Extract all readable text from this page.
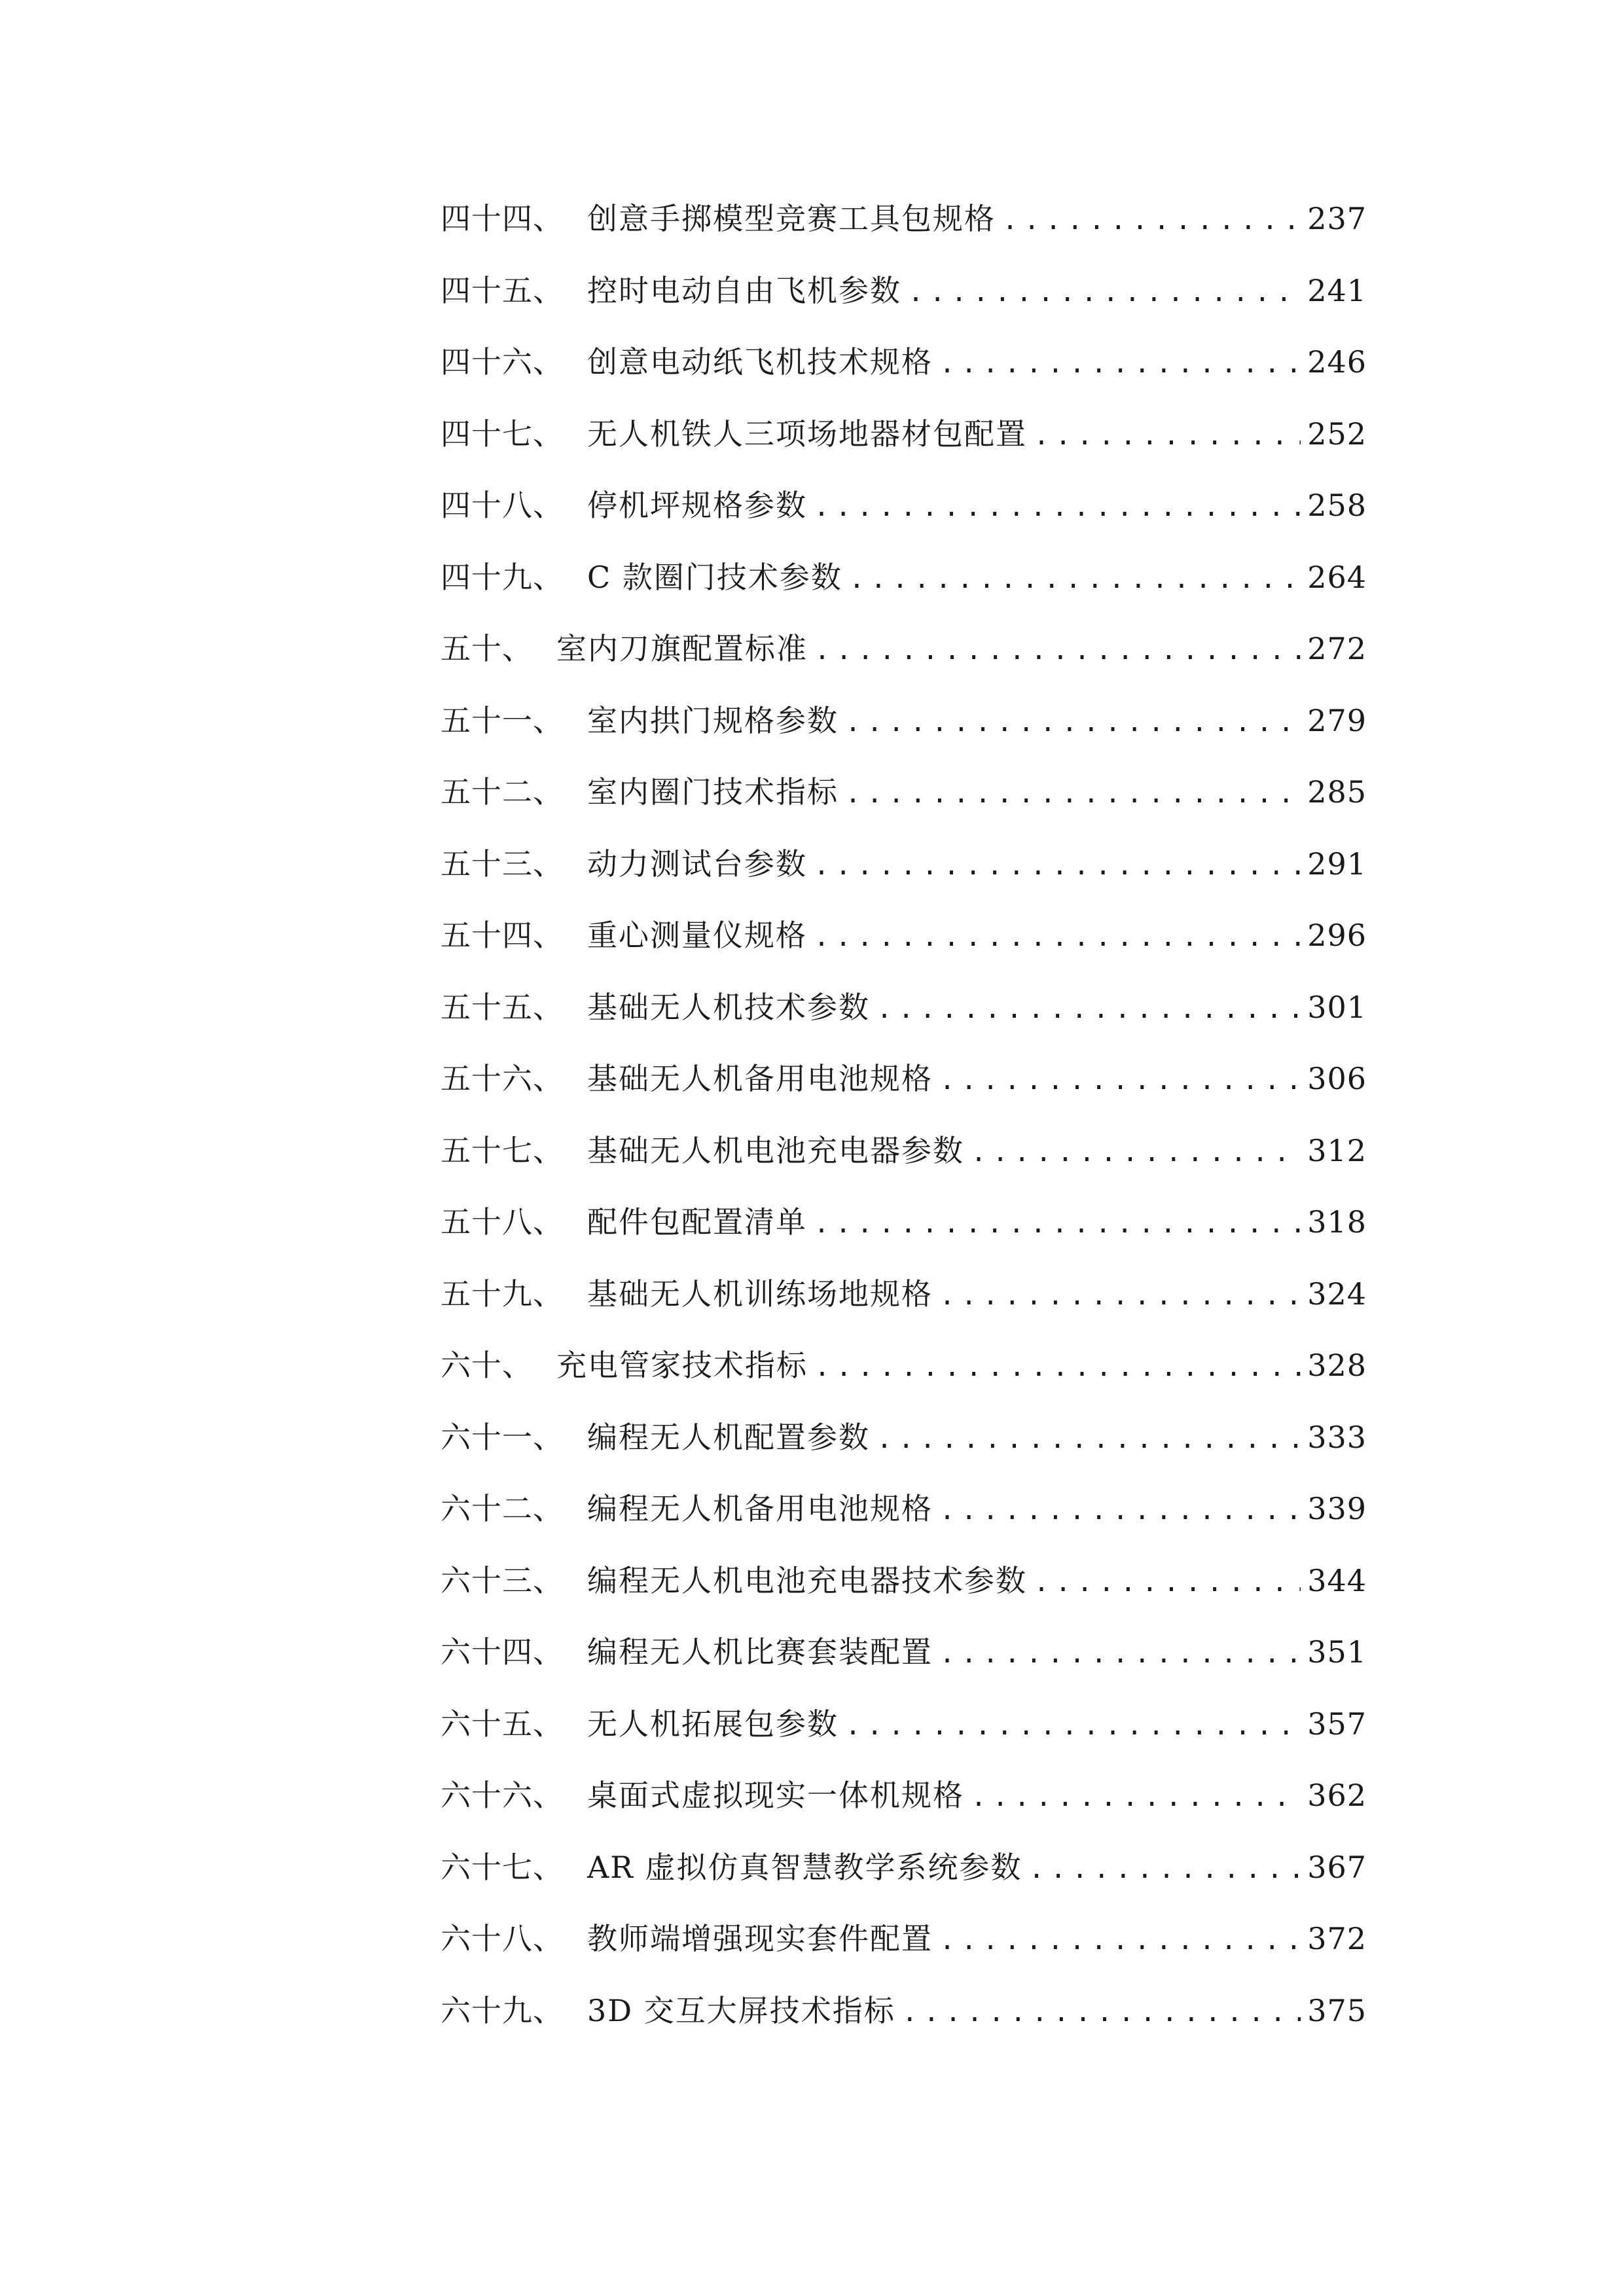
四十四、 创意手掷模型竞赛工具包规格 .....	237
四十五、 控时电动自由飞机参数 .....	241
四十六、 创意电动纸飞机技术规格 .....	246
四十七、 无人机铁人三项场地器材包配置 .....	252
四十八、 停机坪规格参数 .....	258
四十九、 C 款圈门技术参数 .....	264
五十、 室内刀旗配置标准 .....	272
五十一、 室内拱门规格参数 .....	279
五十二、 室内圈门技术指标 .....	285
五十三、 动力测试台参数 .....	291
五十四、 重心测量仪规格 .....	296
五十五、 基础无人机技术参数 .....	301
五十六、 基础无人机备用电池规格 .....	306
五十七、 基础无人机电池充电器参数 .....	312
五十八、 配件包配置清单 .....	318
五十九、 基础无人机训练场地规格 .....	324
六十、 充电管家技术指标 .....	328
六十一、 编程无人机配置参数 .....	333
六十二、 编程无人机备用电池规格 .....	339
六十三、 编程无人机电池充电器技术参数 .....	344
六十四、 编程无人机比赛套装配置 .....	351
六十五、 无人机拓展包参数 .....	357
六十六、 桌面式虚拟现实一体机规格 .....	362
六十七、 AR 虚拟仿真智慧教学系统参数 .....	367
六十八、 教师端增强现实套件配置 .....	372
六十九、 3D 交互大屏技术指标 .....	375
